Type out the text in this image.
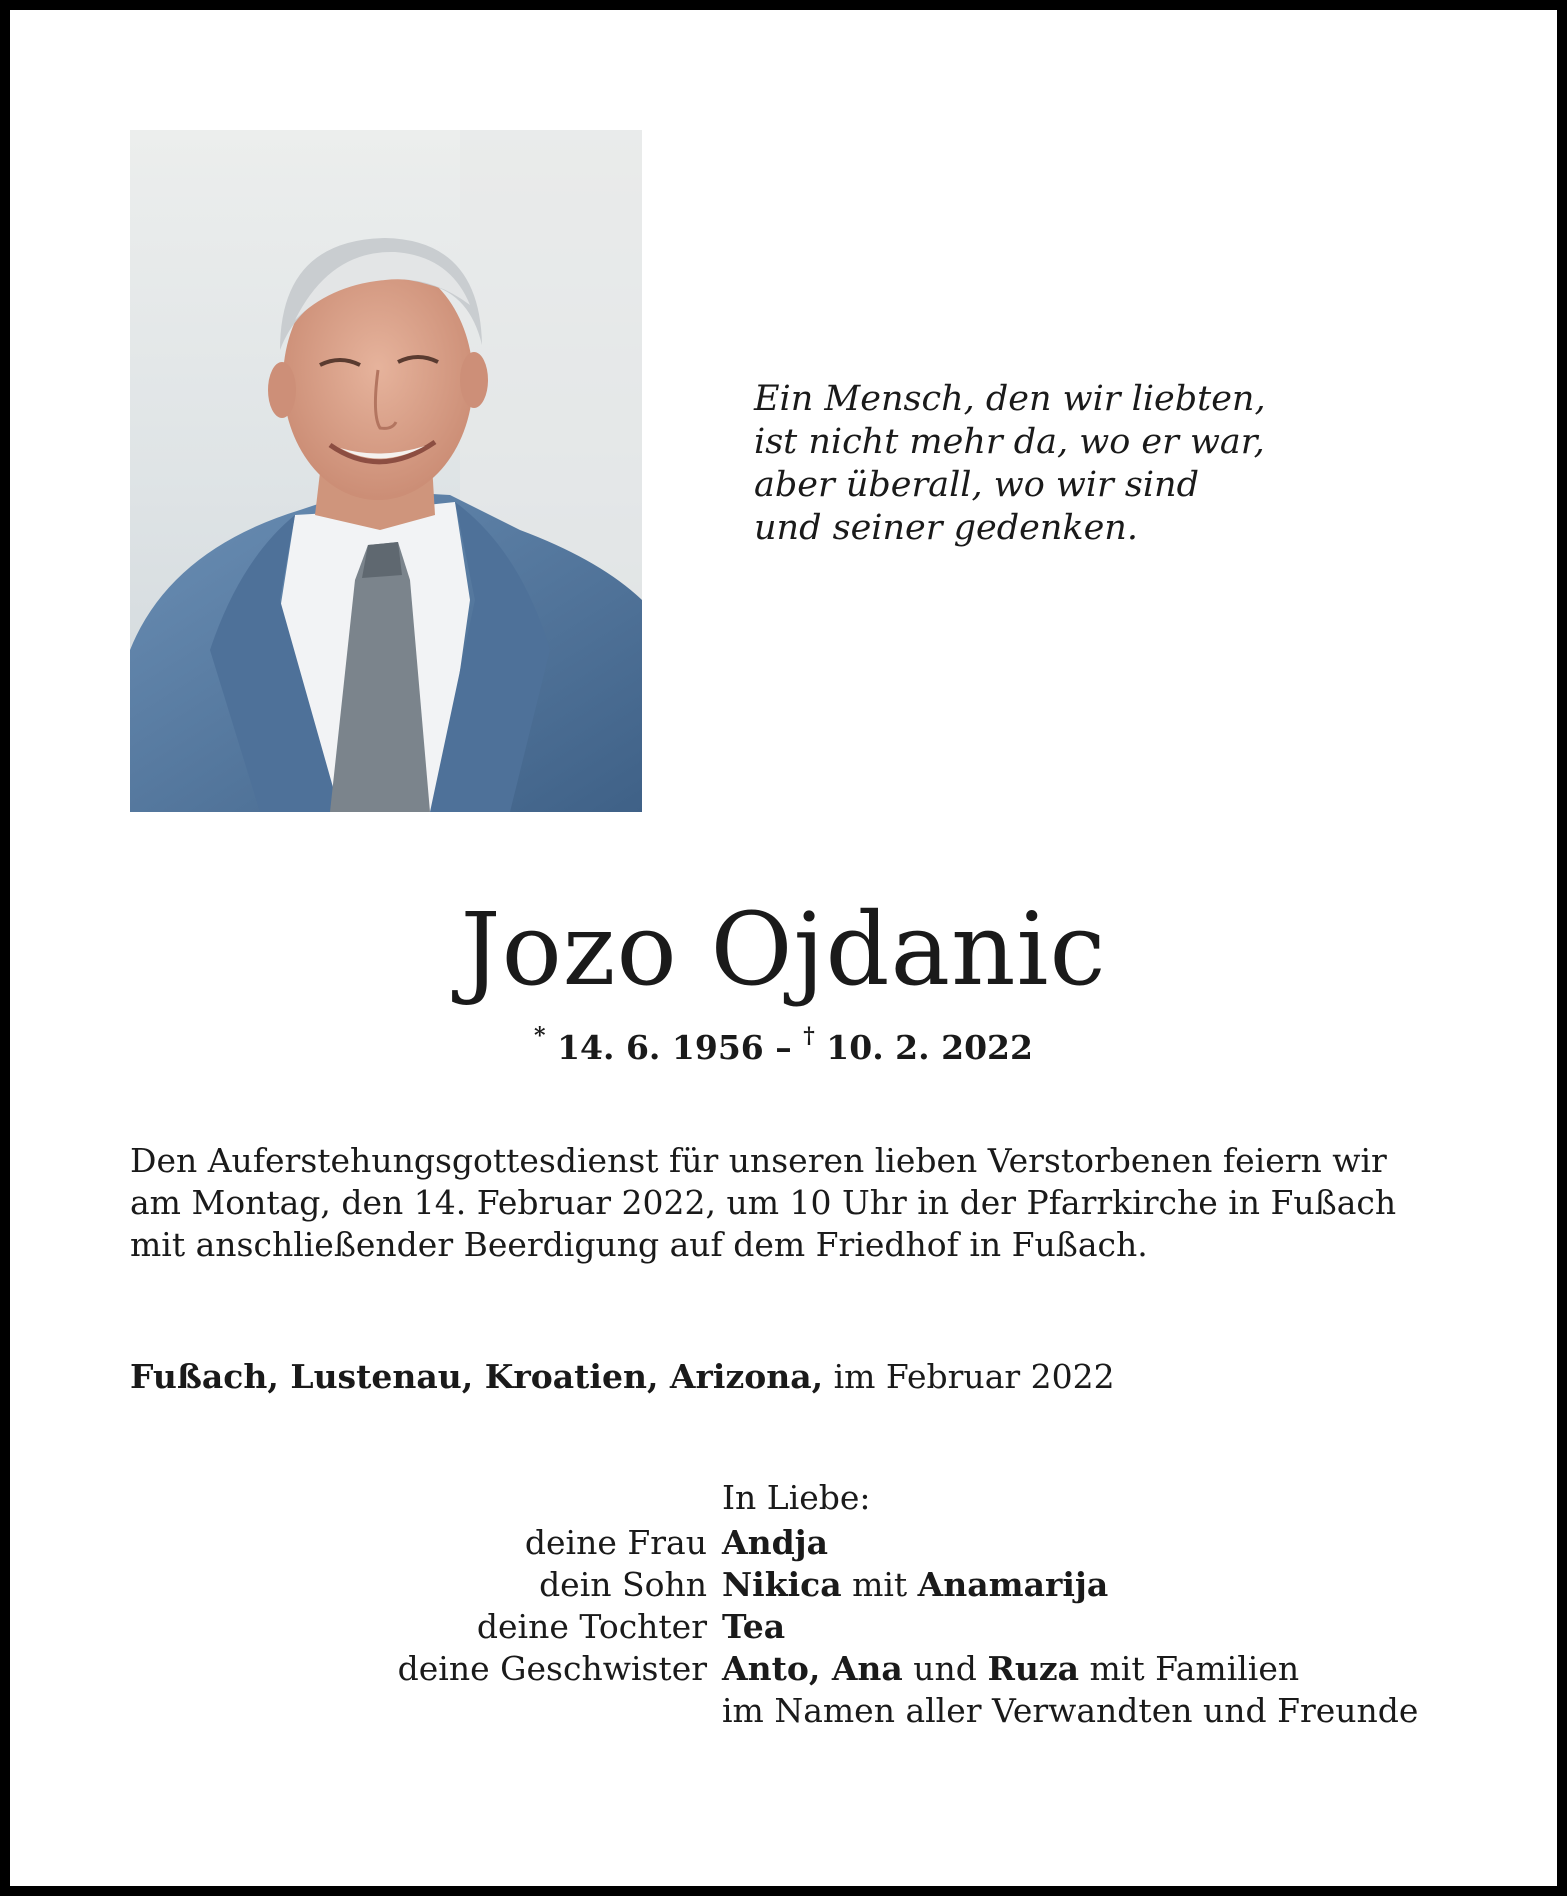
Ein Mensch, den wir liebten,
ist nicht mehr da, wo er war,
aber überall, wo wir sind
und seiner gedenken.
Jozo Ojdanic
* 14. 6. 1956 – † 10. 2. 2022
Den Auferstehungsgottesdienst für unseren lieben Verstorbenen feiern wir
am Montag, den 14. Februar 2022, um 10 Uhr in der Pfarrkirche in Fußach
mit anschließender Beerdigung auf dem Friedhof in Fußach.
Fußach, Lustenau, Kroatien, Arizona, im Februar 2022
In Liebe:
deine Frau Andja
dein Sohn Nikica mit Anamarija
deine Tochter Tea
deine Geschwister Anto, Ana und Ruza mit Familien
im Namen aller Verwandten und Freunde
